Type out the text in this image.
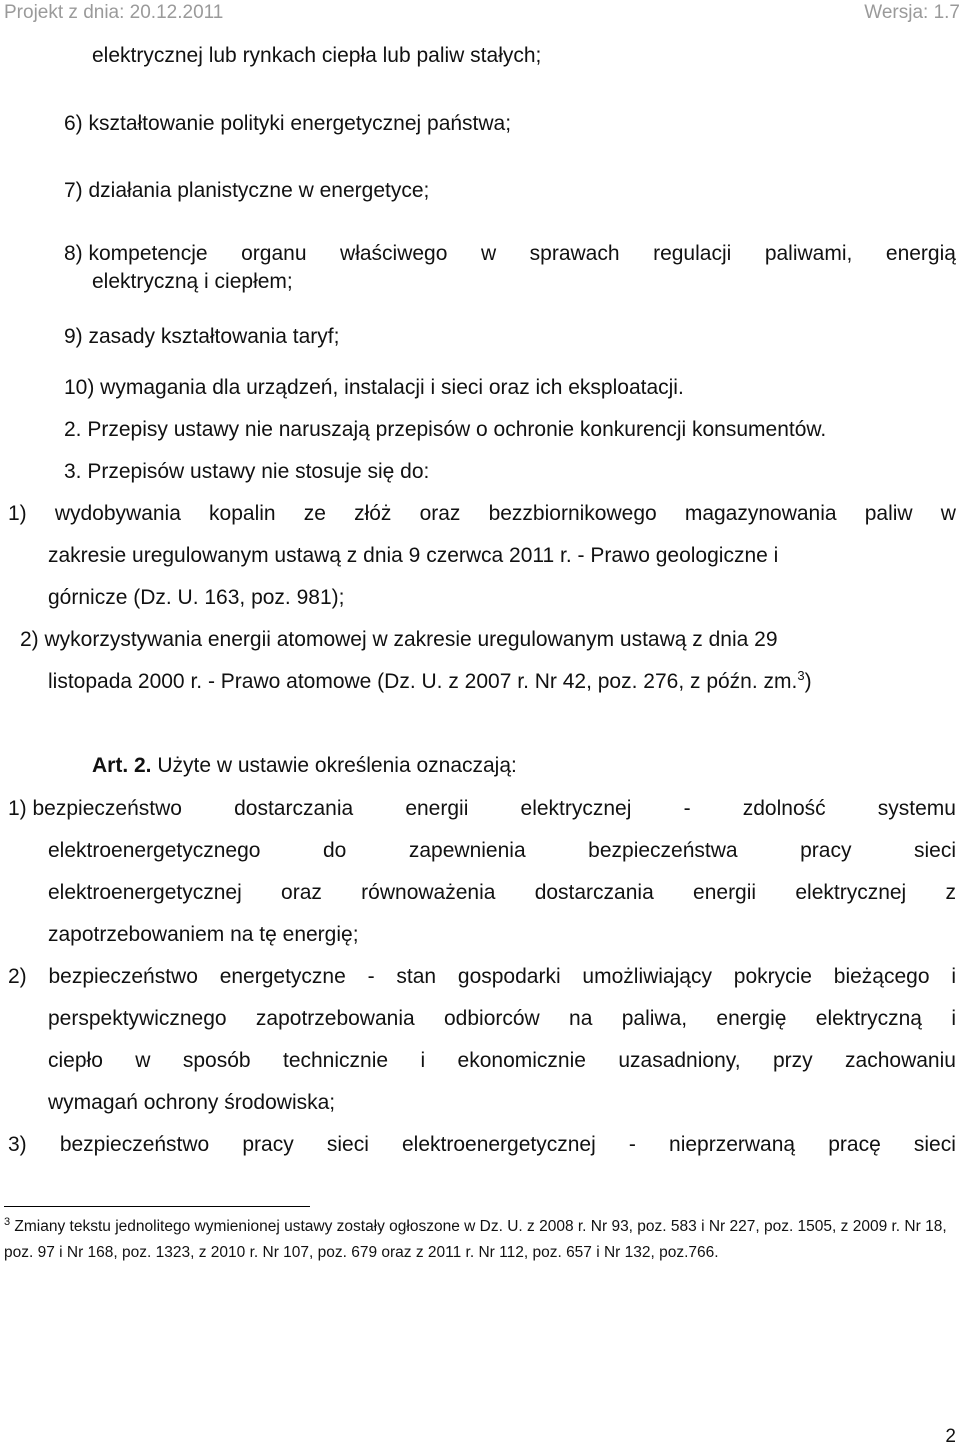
Projekt z dnia: 20.12.2011	Wersja: 1.7
elektrycznej lub rynkach ciepła lub paliw stałych;
6) kształtowanie polityki energetycznej państwa;
7) działania planistyczne w energetyce;
8) kompetencje organu właściwego w sprawach regulacji paliwami, energią
elektryczną i ciepłem;
9) zasady kształtowania taryf;
10) wymagania dla urządzeń, instalacji i sieci oraz ich eksploatacji.
2. Przepisy ustawy nie naruszają przepisów o ochronie konkurencji konsumentów.
3. Przepisów ustawy nie stosuje się do:
1) wydobywania kopalin ze złóż oraz bezzbiornikowego magazynowania paliw w
zakresie uregulowanym ustawą z dnia 9 czerwca 2011 r. - Prawo geologiczne i
górnicze (Dz. U. 163, poz. 981);
2) wykorzystywania energii atomowej w zakresie uregulowanym ustawą z dnia 29
listopada 2000 r. - Prawo atomowe (Dz. U. z 2007 r. Nr 42, poz. 276, z późn. zm.$^3$)
Art. 2. Użyte w ustawie określenia oznaczają:
1) bezpieczeństwo dostarczania energii elektrycznej - zdolność systemu
elektroenergetycznego	do	zapewnienia	bezpieczeństwa	pracy	sieci
elektroenergetycznej oraz równoważenia dostarczania energii elektrycznej z
zapotrzebowaniem na tę energię;
2) bezpieczeństwo energetyczne - stan gospodarki umożliwiający pokrycie bieżącego i
perspektywicznego zapotrzebowania odbiorców na paliwa, energię elektryczną i
ciepło w sposób technicznie i ekonomicznie uzasadniony, przy zachowaniu
wymagań ochrony środowiska;
3) bezpieczeństwo pracy sieci elektroenergetycznej - nieprzerwaną pracę sieci
$^3$ Zmiany tekstu jednolitego wymienionej ustawy zostały ogłoszone w Dz. U. z 2008 r. Nr 93, poz. 583 i Nr 227, poz. 1505, z 2009 r. Nr 18, poz. 97 i Nr 168, poz. 1323, z 2010 r. Nr 107, poz. 679 oraz z 2011 r. Nr 112, poz. 657 i Nr 132, poz.766.
2
